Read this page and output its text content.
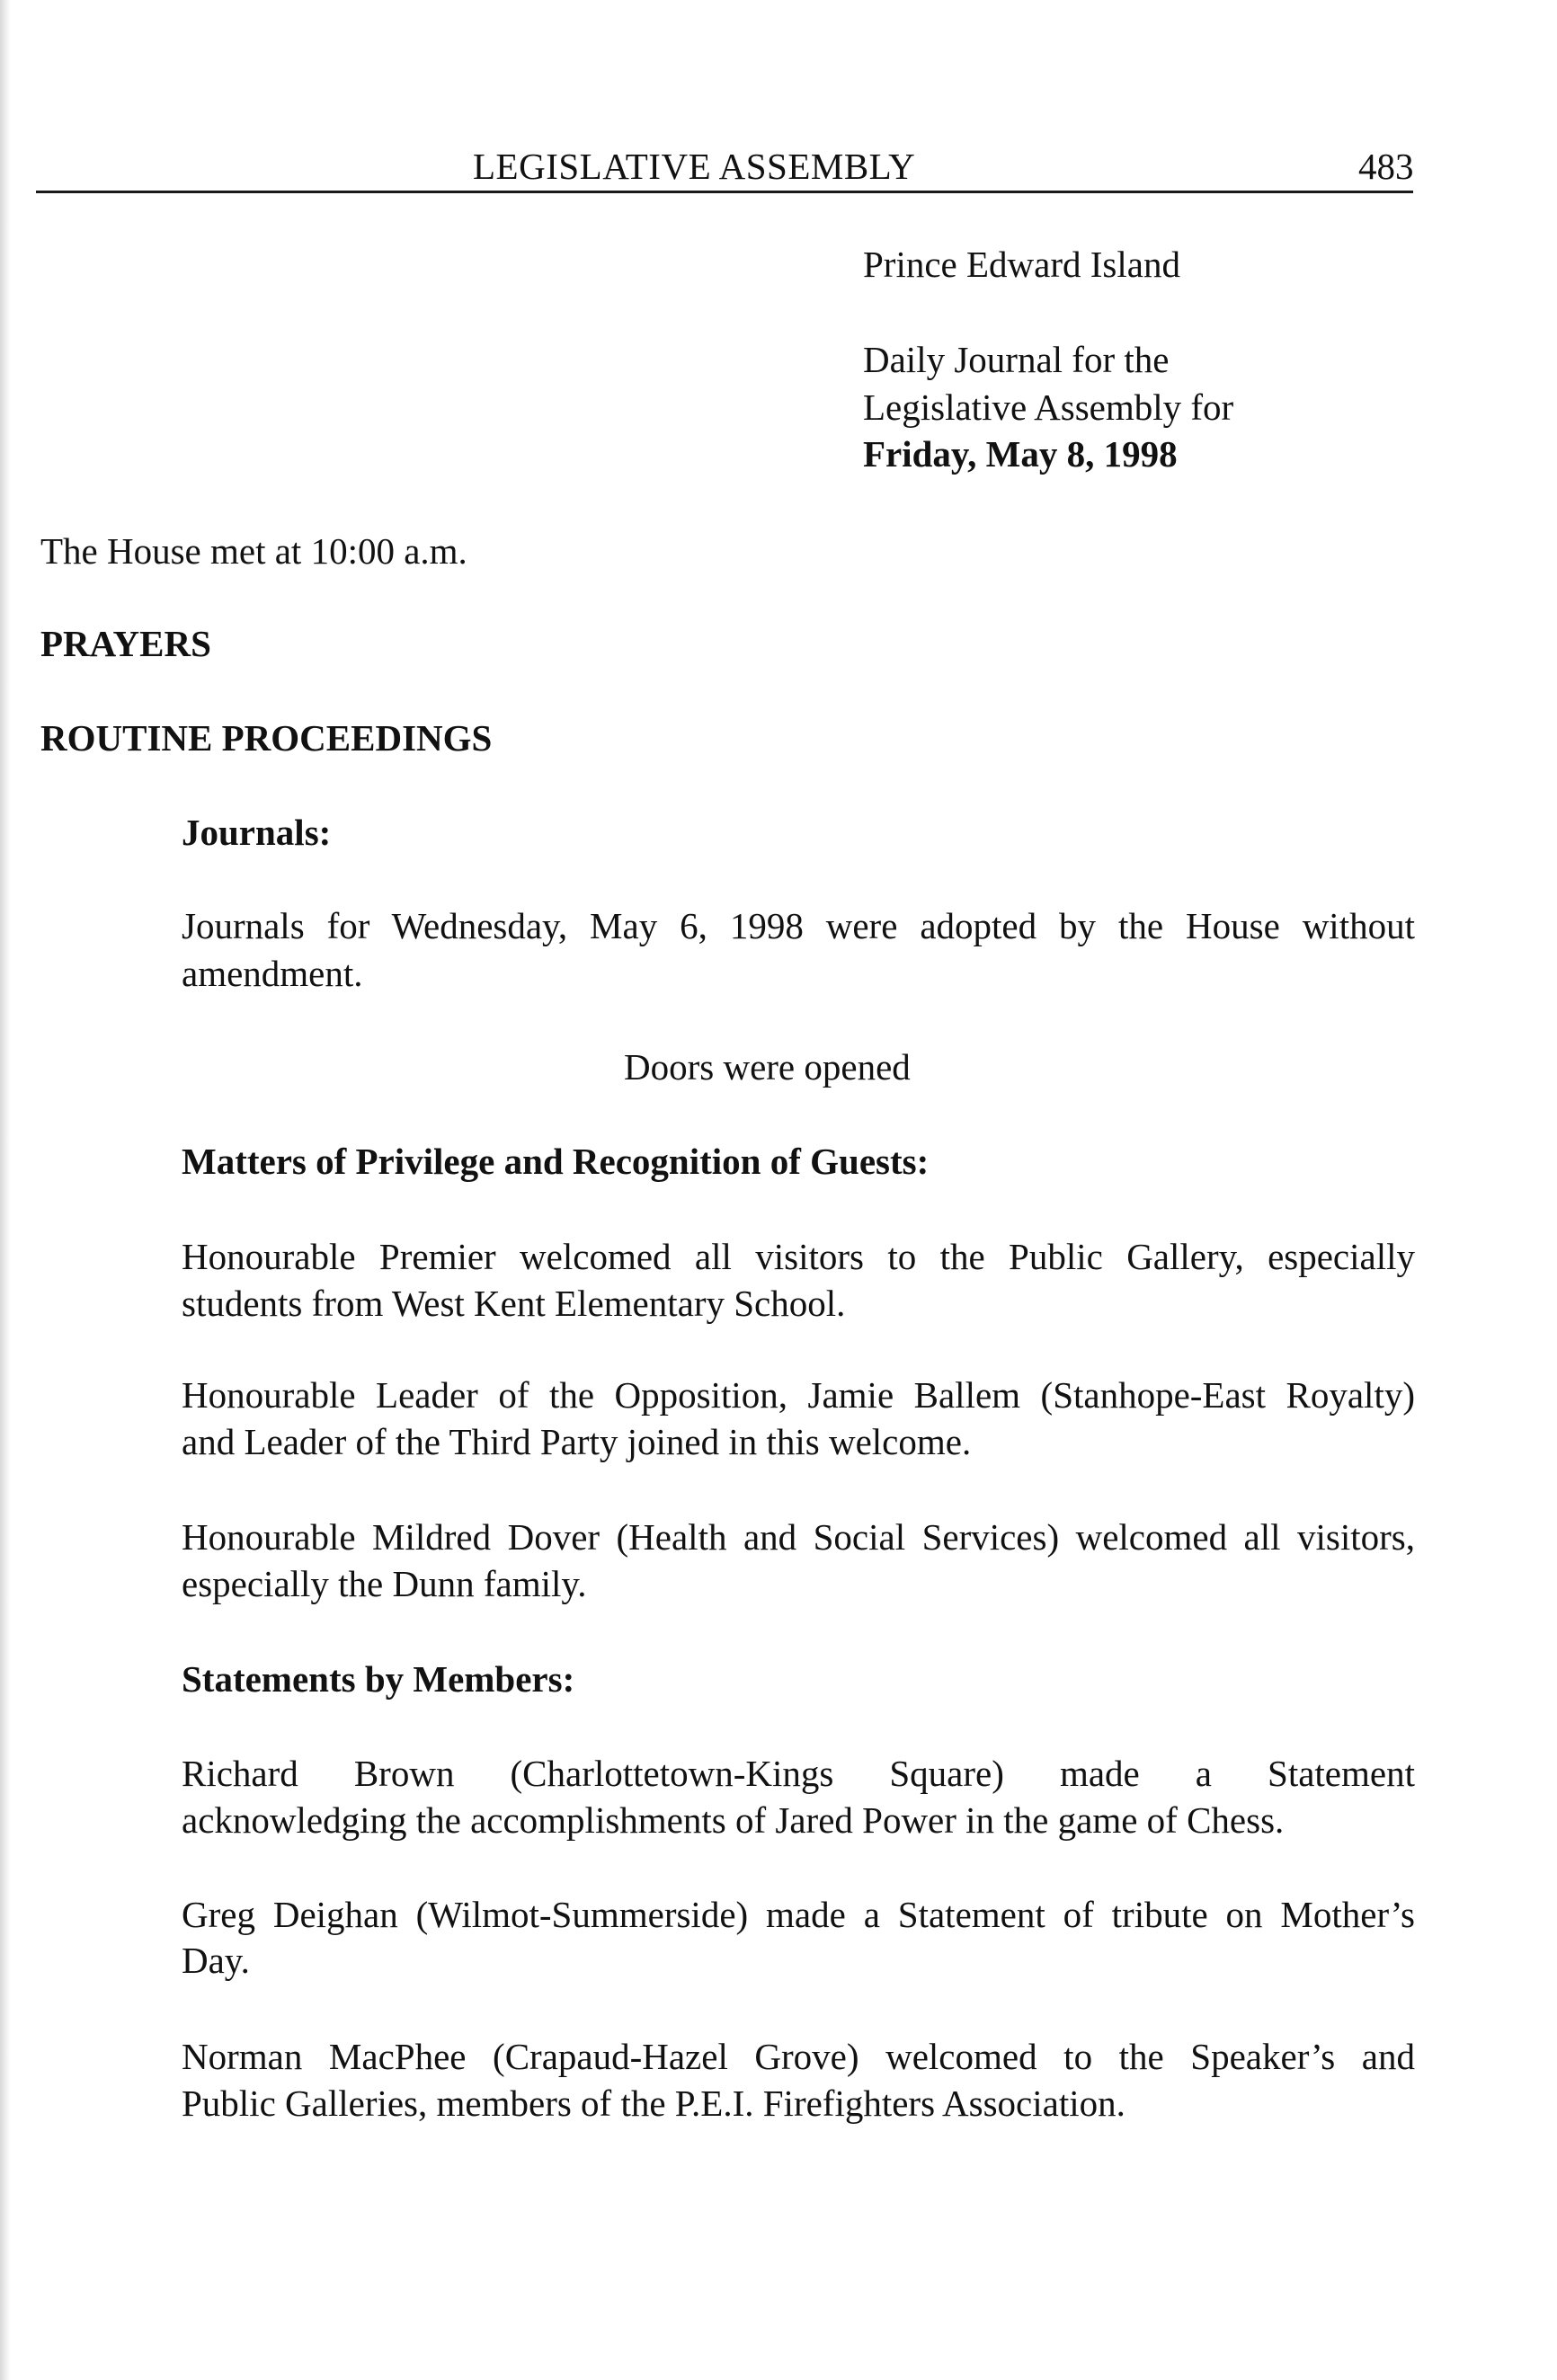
LEGISLATIVE ASSEMBLY	483
Prince Edward Island
Daily Journal for the
Legislative Assembly for
Friday, May 8, 1998
The House met at 10:00 a.m.
PRAYERS
ROUTINE PROCEEDINGS
Journals:
Journals for Wednesday, May 6, 1998 were adopted by the House without
amendment.
Doors were opened
Matters of Privilege and Recognition of Guests:
Honourable Premier welcomed all visitors to the Public Gallery, especially
students from West Kent Elementary School.
Honourable Leader of the Opposition, Jamie Ballem (Stanhope-East Royalty)
and Leader of the Third Party joined in this welcome.
Honourable Mildred Dover (Health and Social Services) welcomed all visitors,
especially the Dunn family.
Statements by Members:
Richard Brown (Charlottetown-Kings Square) made a Statement
acknowledging the accomplishments of Jared Power in the game of Chess.
Greg Deighan (Wilmot-Summerside) made a Statement of tribute on Mother’s
Day.
Norman MacPhee (Crapaud-Hazel Grove) welcomed to the Speaker’s and
Public Galleries, members of the P.E.I. Firefighters Association.
